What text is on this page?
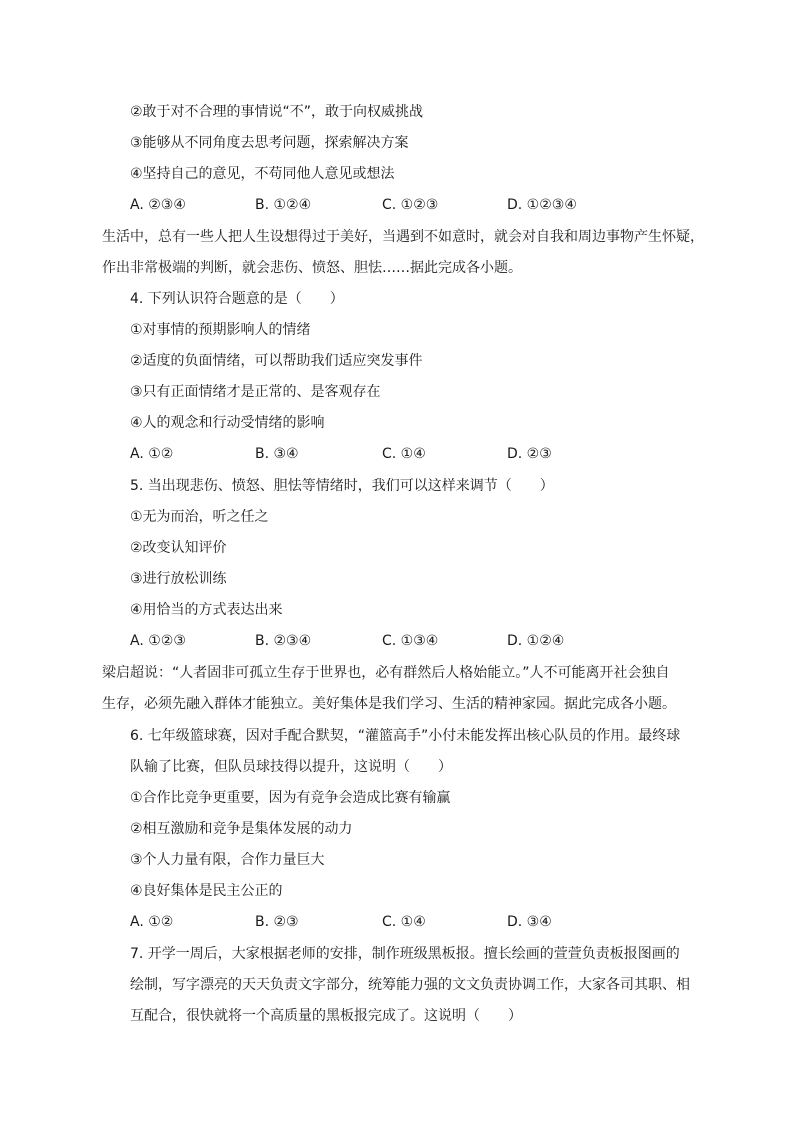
②敢于对不合理的事情说“不”，敢于向权威挑战
③能够从不同角度去思考问题，探索解决方案
④坚持自己的意见，不苟同他人意见或想法
A. ②③④	B. ①②④	C. ①②③	D. ①②③④
生活中，总有一些人把人生设想得过于美好，当遇到不如意时，就会对自我和周边事物产生怀疑，
作出非常极端的判断，就会悲伤、愤怒、胆怯……据此完成各小题。
4. 下列认识符合题意的是（　　）
①对事情的预期影响人的情绪
②适度的负面情绪，可以帮助我们适应突发事件
③只有正面情绪才是正常的、是客观存在
④人的观念和行动受情绪的影响
A. ①②	B. ③④	C. ①④	D. ②③
5. 当出现悲伤、愤怒、胆怯等情绪时，我们可以这样来调节（　　）
①无为而治，听之任之
②改变认知评价
③进行放松训练
④用恰当的方式表达出来
A. ①②③	B. ②③④	C. ①③④	D. ①②④
梁启超说：“人者固非可孤立生存于世界也，必有群然后人格始能立。”人不可能离开社会独自
生存，必须先融入群体才能独立。美好集体是我们学习、生活的精神家园。据此完成各小题。
6. 七年级篮球赛，因对手配合默契，“灌篮高手”小付未能发挥出核心队员的作用。最终球
队输了比赛，但队员球技得以提升，这说明（　　）
①合作比竞争更重要，因为有竞争会造成比赛有输赢
②相互激励和竞争是集体发展的动力
③个人力量有限，合作力量巨大
④良好集体是民主公正的
A. ①②	B. ②③	C. ①④	D. ③④
7. 开学一周后，大家根据老师的安排，制作班级黑板报。擅长绘画的萱萱负责板报图画的
绘制，写字漂亮的天天负责文字部分，统筹能力强的文文负责协调工作，大家各司其职、相
互配合，很快就将一个高质量的黑板报完成了。这说明（　　）
